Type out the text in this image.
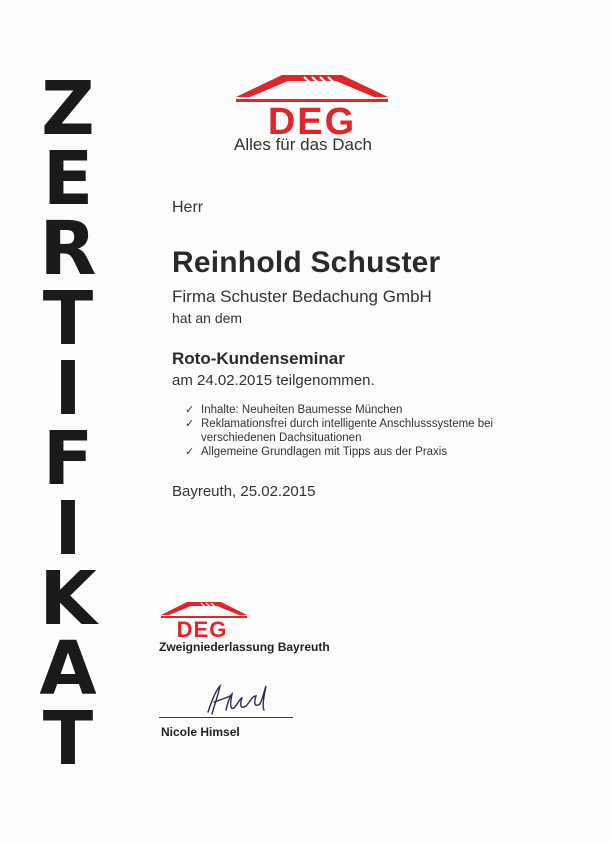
Z
E
R
T
I
F
I
K
A
T
DEG
Alles für das Dach
Herr
Reinhold Schuster
Firma Schuster Bedachung GmbH
hat an dem
Roto-Kundenseminar
am 24.02.2015 teilgenommen.
✓ Inhalte: Neuheiten Baumesse München
✓ Reklamationsfrei durch intelligente Anschlusssysteme bei verschiedenen Dachsituationen
✓ Allgemeine Grundlagen mit Tipps aus der Praxis
Bayreuth, 25.02.2015
DEG
Zweigniederlassung Bayreuth
Nicole Himsel
